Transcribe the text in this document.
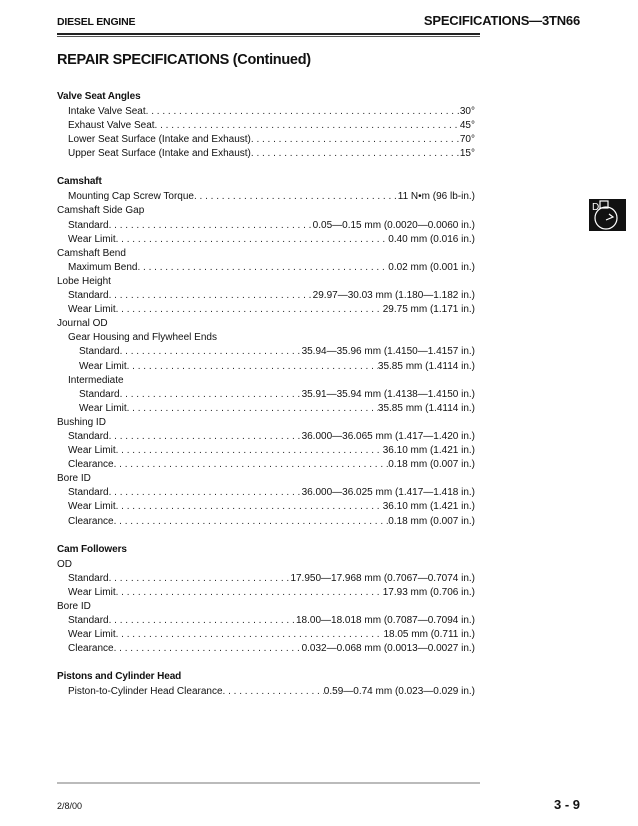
DIESEL ENGINE	SPECIFICATIONS—3TN66
REPAIR SPECIFICATIONS (Continued)
Valve Seat Angles
Intake Valve Seat . . .	30°
Exhaust Valve Seat . . .	45°
Lower Seat Surface (Intake and Exhaust) . . .	70°
Upper Seat Surface (Intake and Exhaust) . . .	15°
Camshaft
Mounting Cap Screw Torque . . .	11 N•m (96 lb-in.)
Camshaft Side Gap
Standard . . .	0.05—0.15 mm (0.0020—0.0060 in.)
Wear Limit . . .	0.40 mm (0.016 in.)
Camshaft Bend
Maximum Bend . . .	0.02 mm (0.001 in.)
Lobe Height
Standard . . .	29.97—30.03 mm (1.180—1.182 in.)
Wear Limit . . .	29.75 mm (1.171 in.)
Journal OD
Gear Housing and Flywheel Ends
Standard . . .	35.94—35.96 mm (1.4150—1.4157 in.)
Wear Limit . . .	35.85 mm (1.4114 in.)
Intermediate
Standard . . .	35.91—35.94 mm (1.4138—1.4150 in.)
Wear Limit . . .	35.85 mm (1.4114 in.)
Bushing ID
Standard . . .	36.000—36.065 mm (1.417—1.420 in.)
Wear Limit . . .	36.10 mm (1.421 in.)
Clearance . . .	0.18 mm (0.007 in.)
Bore ID
Standard . . .	36.000—36.025 mm (1.417—1.418 in.)
Wear Limit . . .	36.10 mm (1.421 in.)
Clearance . . .	0.18 mm (0.007 in.)
Cam Followers
OD
Standard . . .	17.950—17.968 mm (0.7067—0.7074 in.)
Wear Limit . . .	17.93 mm (0.706 in.)
Bore ID
Standard . . .	18.00—18.018 mm (0.7087—0.7094 in.)
Wear Limit . . .	18.05 mm (0.711 in.)
Clearance . . .	0.032—0.068 mm (0.0013—0.0027 in.)
Pistons and Cylinder Head
Piston-to-Cylinder Head Clearance . . .	0.59—0.74 mm (0.023—0.029 in.)
D
2/8/00	3 - 9
